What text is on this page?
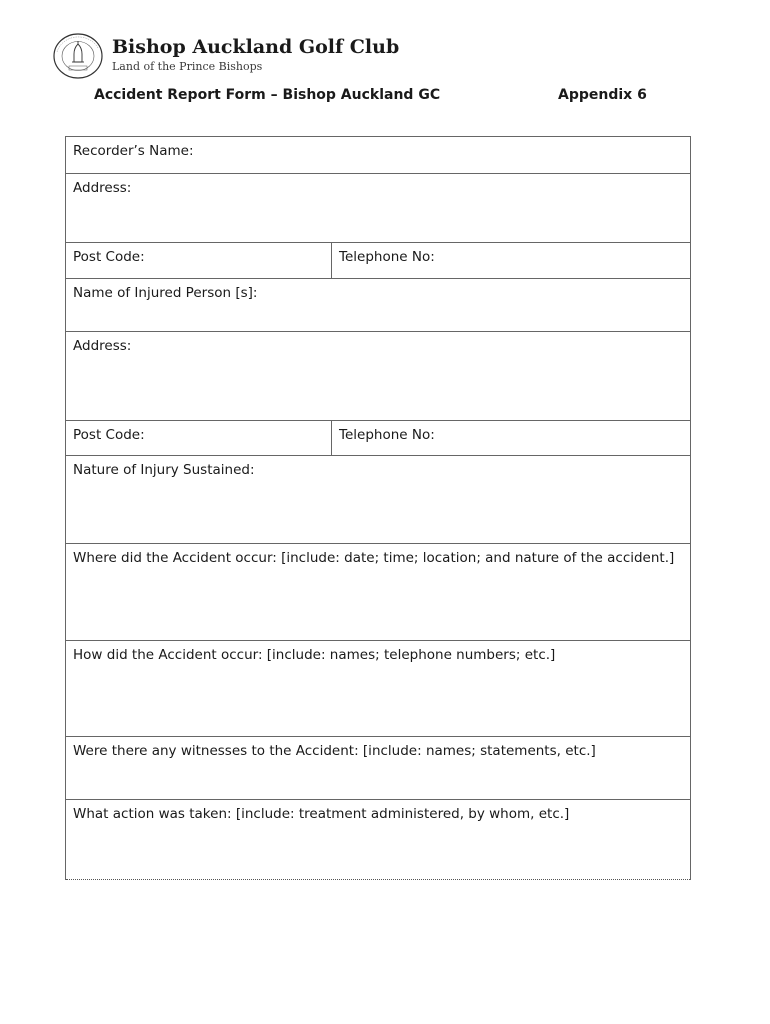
Bishop Auckland Golf Club
Land of the Prince Bishops
Accident Report Form – Bishop Auckland GC	Appendix 6
Recorder’s Name:
Address:
Post Code:	Telephone No:
Name of Injured Person [s]:
Address:
Post Code:	Telephone No:
Nature of Injury Sustained:
Where did the Accident occur: [include: date; time; location; and nature of the accident.]
How did the Accident occur: [include: names; telephone numbers; etc.]
Were there any witnesses to the Accident: [include: names; statements, etc.]
What action was taken: [include: treatment administered, by whom, etc.]
